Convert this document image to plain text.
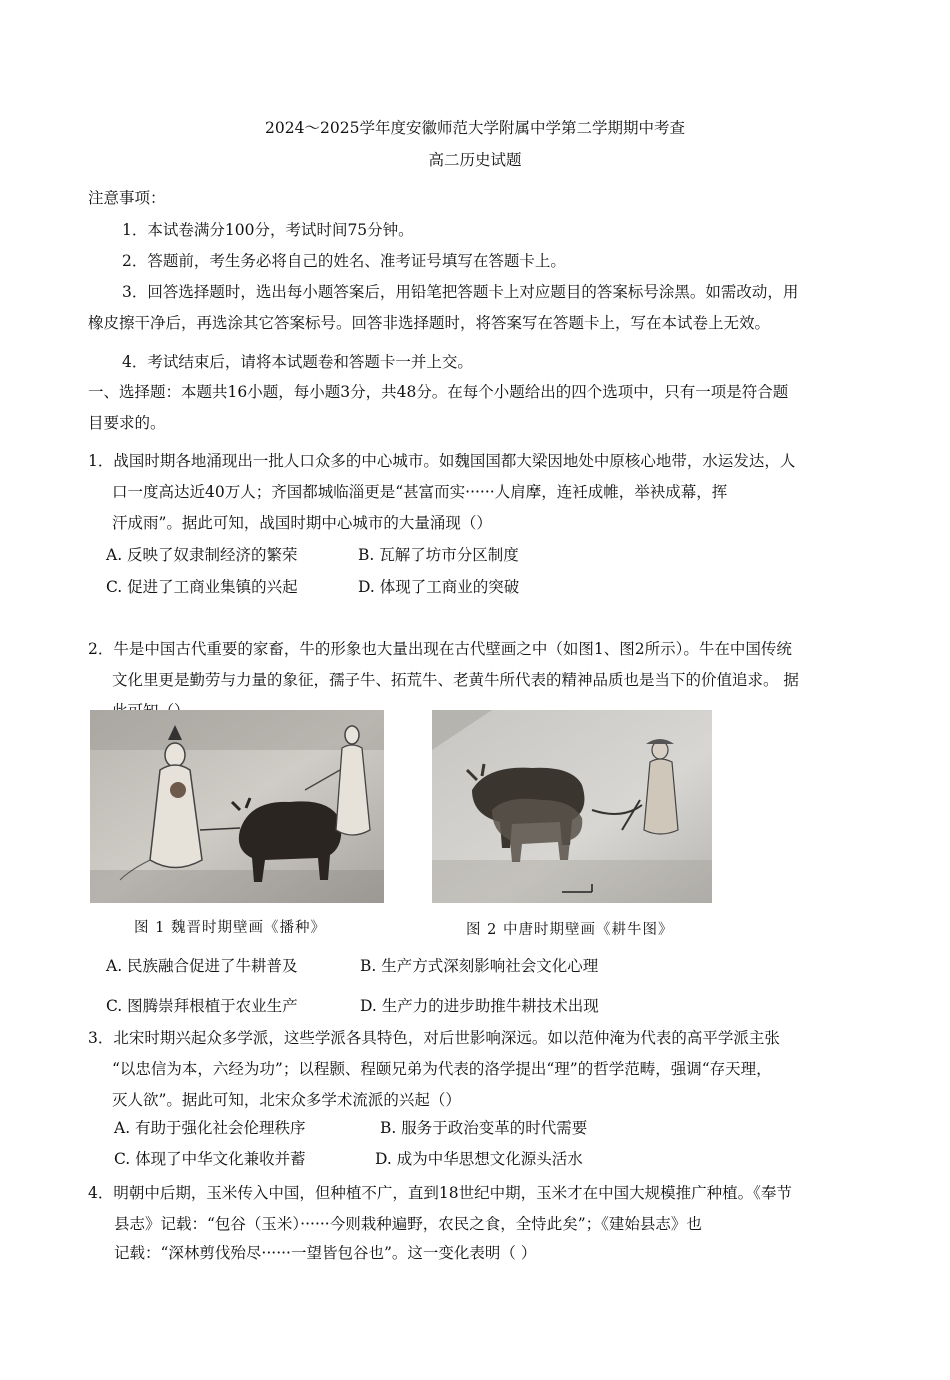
2024～2025学年度安徽师范大学附属中学第二学期期中考查
高二历史试题
注意事项：
1．本试卷满分100分，考试时间75分钟。
2．答题前，考生务必将自己的姓名、准考证号填写在答题卡上。
3．回答选择题时，选出每小题答案后，用铅笔把答题卡上对应题目的答案标号涂黑。如需改动，用
橡皮擦干净后，再选涂其它答案标号。回答非选择题时，将答案写在答题卡上，写在本试卷上无效。
4．考试结束后，请将本试题卷和答题卡一并上交。
一、选择题：本题共16小题，每小题3分，共48分。在每个小题给出的四个选项中，只有一项是符合题
目要求的。
1．战国时期各地涌现出一批人口众多的中心城市。如魏国国都大梁因地处中原核心地带，水运发达，人
口一度高达近40万人；齐国都城临淄更是“甚富而实······人肩摩，连衽成帷，举袂成幕，挥
汗成雨”。据此可知，战国时期中心城市的大量涌现（）
A. 反映了奴隶制经济的繁荣	B. 瓦解了坊市分区制度
C. 促进了工商业集镇的兴起	D. 体现了工商业的突破
2．牛是中国古代重要的家畜，牛的形象也大量出现在古代壁画之中（如图1、图2所示）。牛在中国传统
文化里更是勤劳与力量的象征，孺子牛、拓荒牛、老黄牛所代表的精神品质也是当下的价值追求。 据
图 1 魏晋时期壁画《播种》	图 2 中唐时期壁画《耕牛图》
A. 民族融合促进了牛耕普及	B. 生产方式深刻影响社会文化心理
C. 图腾崇拜根植于农业生产	D. 生产力的进步助推牛耕技术出现
3．北宋时期兴起众多学派，这些学派各具特色，对后世影响深远。如以范仲淹为代表的高平学派主张
“以忠信为本，六经为功”；以程颢、程颐兄弟为代表的洛学提出“理”的哲学范畴，强调“存天理，
灭人欲”。据此可知，北宋众多学术流派的兴起（）
A. 有助于强化社会伦理秩序	B. 服务于政治变革的时代需要
C. 体现了中华文化兼收并蓄	D. 成为中华思想文化源头活水
4．明朝中后期，玉米传入中国，但种植不广，直到18世纪中期，玉米才在中国大规模推广种植。《奉节
县志》记载：“包谷（玉米）······今则栽种遍野，农民之食，全恃此矣”；《建始县志》也
记载：“深林剪伐殆尽······一望皆包谷也”。这一变化表明（ ）
